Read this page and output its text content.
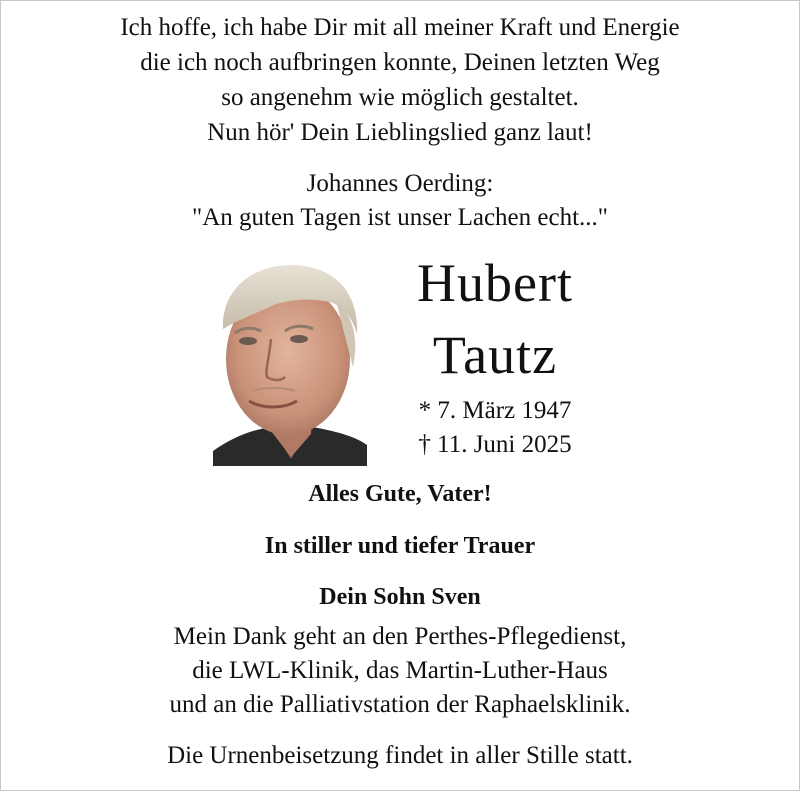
Ich hoffe, ich habe Dir mit all meiner Kraft und Energie
die ich noch aufbringen konnte, Deinen letzten Weg
so angenehm wie möglich gestaltet.
Nun hör' Dein Lieblingslied ganz laut!
Johannes Oerding:
"An guten Tagen ist unser Lachen echt..."
Hubert
Tautz
* 7. März 1947
† 11. Juni 2025
Alles Gute, Vater!
In stiller und tiefer Trauer
Dein Sohn Sven
Mein Dank geht an den Perthes-Pflegedienst,
die LWL-Klinik, das Martin-Luther-Haus
und an die Palliativstation der Raphaelsklinik.
Die Urnenbeisetzung findet in aller Stille statt.
